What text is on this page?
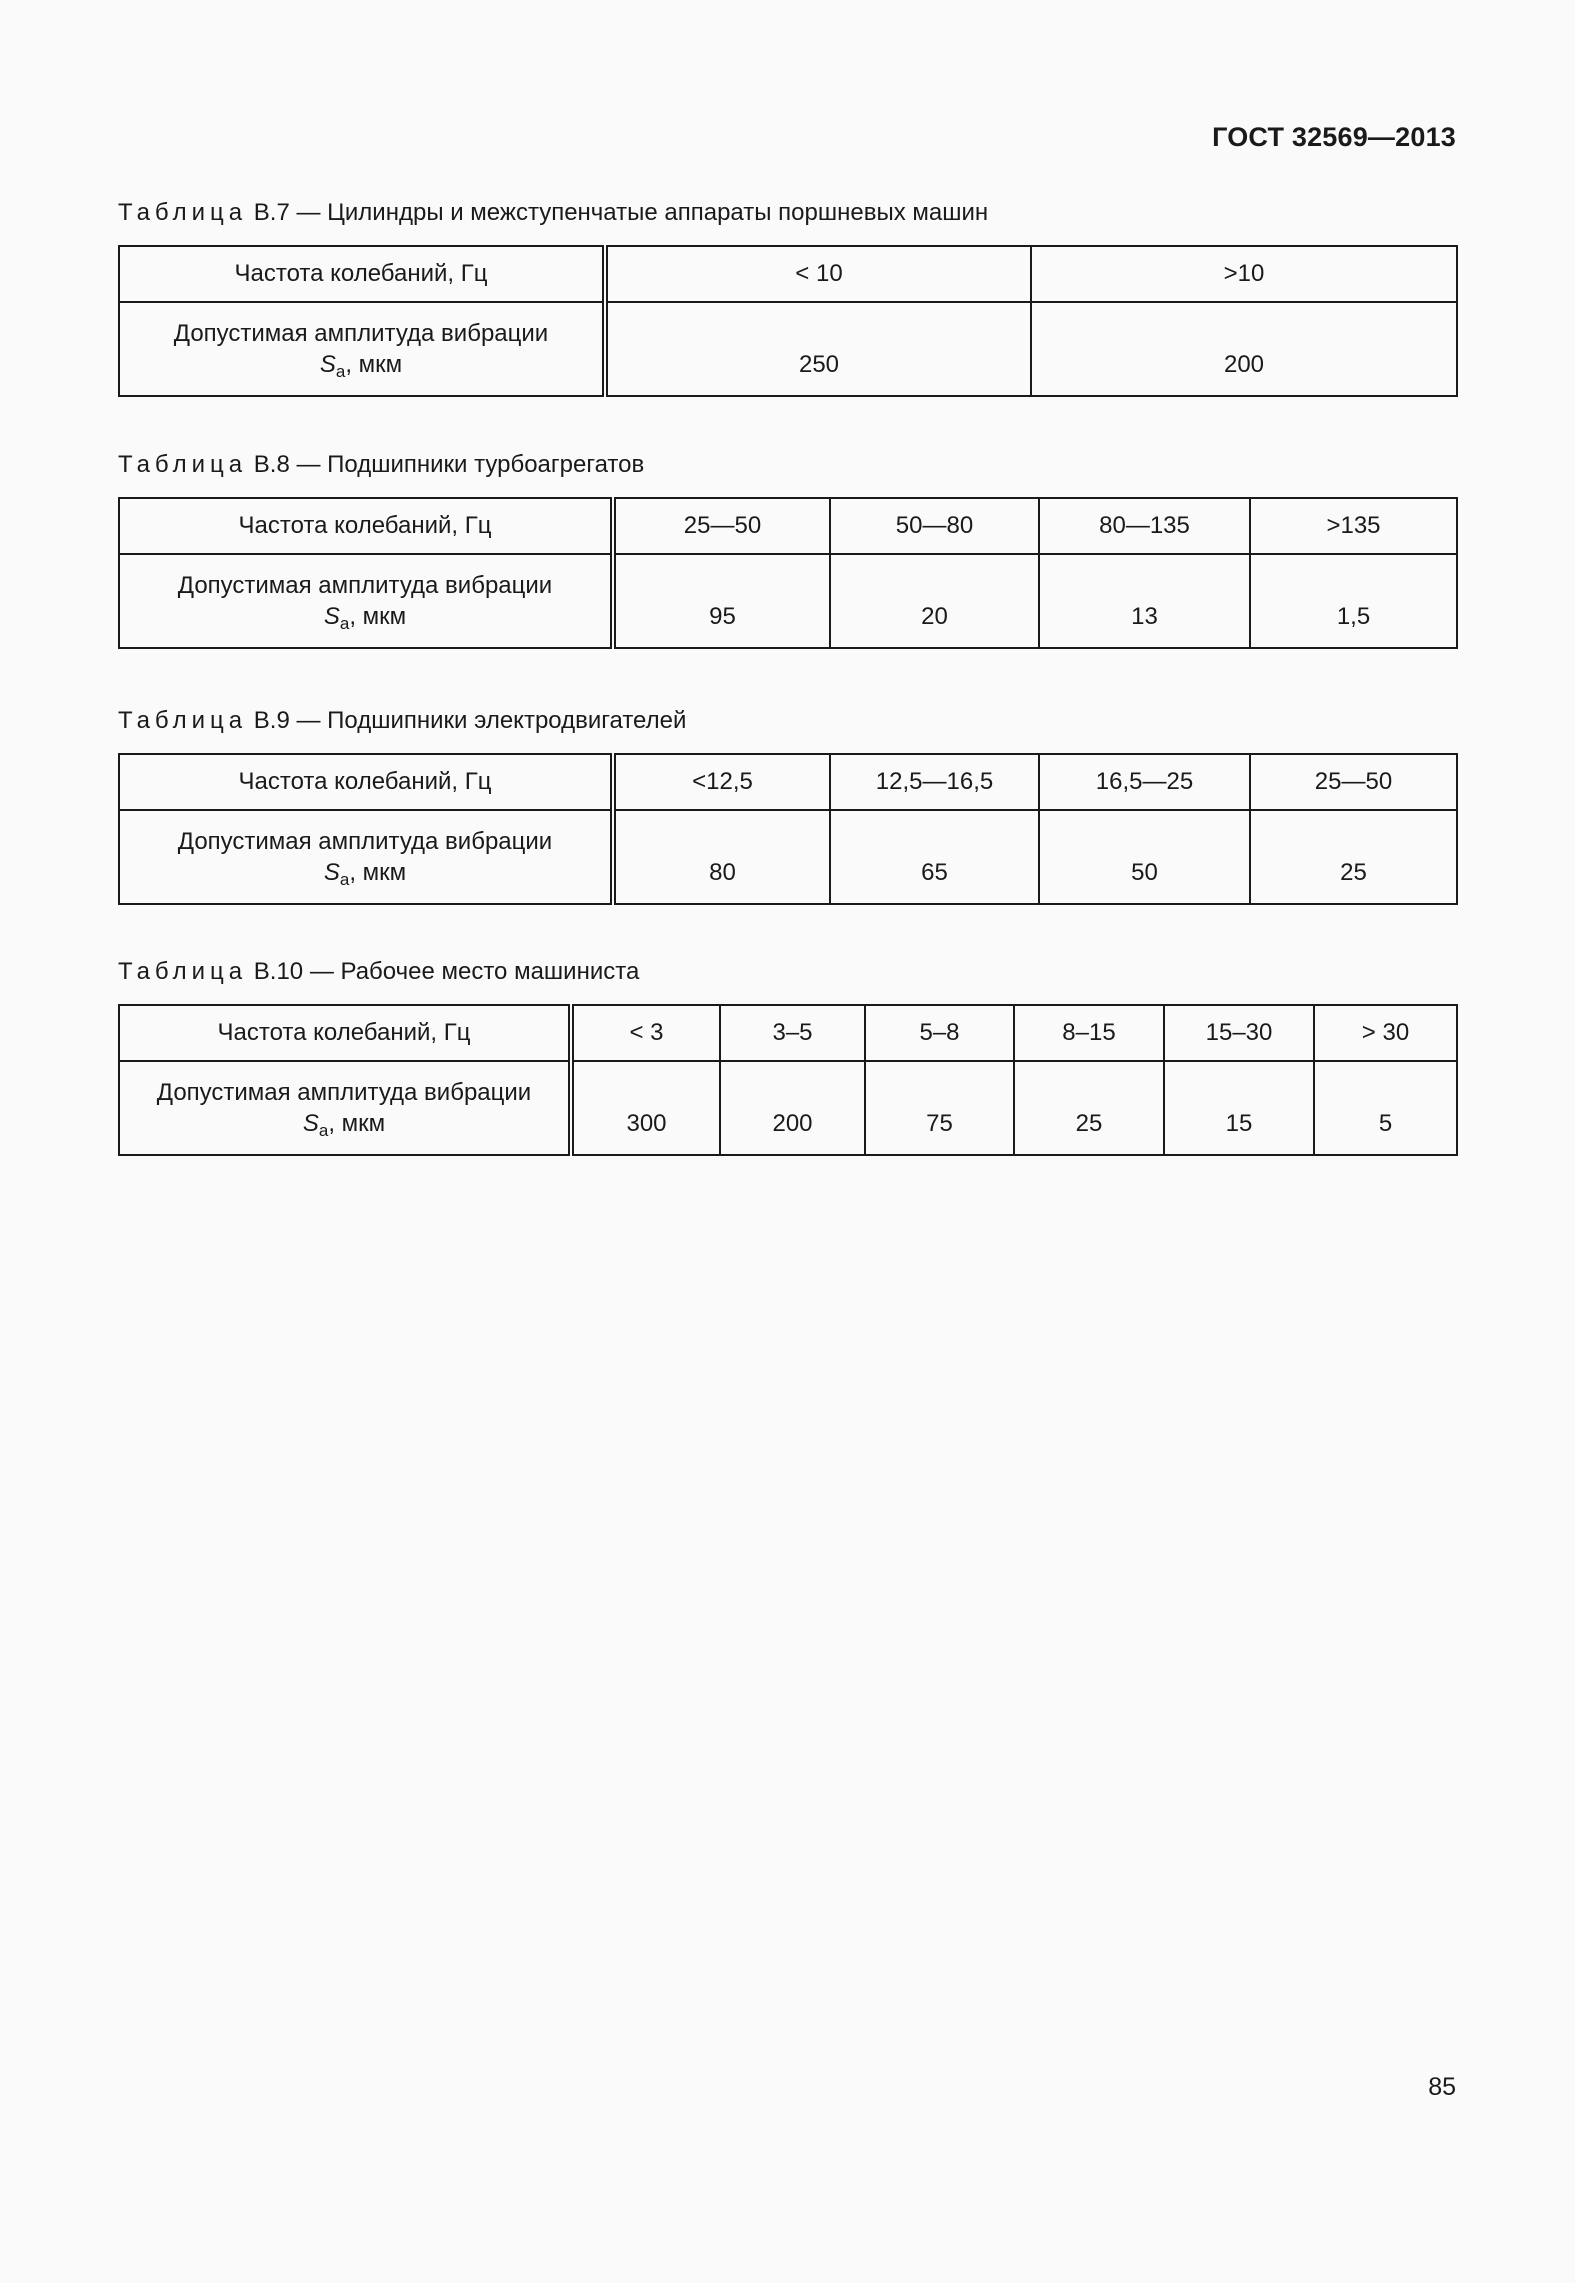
ГОСТ 32569—2013
Таблица В.7 — Цилиндры и межступенчатые аппараты поршневых машин
Частота колебаний, Гц	< 10	>10
Допустимая амплитуда вибрации
$S_a$, мкм	250	200
Таблица В.8 — Подшипники турбоагрегатов
Частота колебаний, Гц	25—50	50—80	80—135	>135
Допустимая амплитуда вибрации
$S_a$, мкм	95	20	13	1,5
Таблица В.9 — Подшипники электродвигателей
Частота колебаний, Гц	<12,5	12,5—16,5	16,5—25	25—50
Допустимая амплитуда вибрации
$S_a$, мкм	80	65	50	25
Таблица В.10 — Рабочее место машиниста
Частота колебаний, Гц	< 3	3–5	5–8	8–15	15–30	> 30
Допустимая амплитуда вибрации
$S_a$, мкм	300	200	75	25	15	5
85
